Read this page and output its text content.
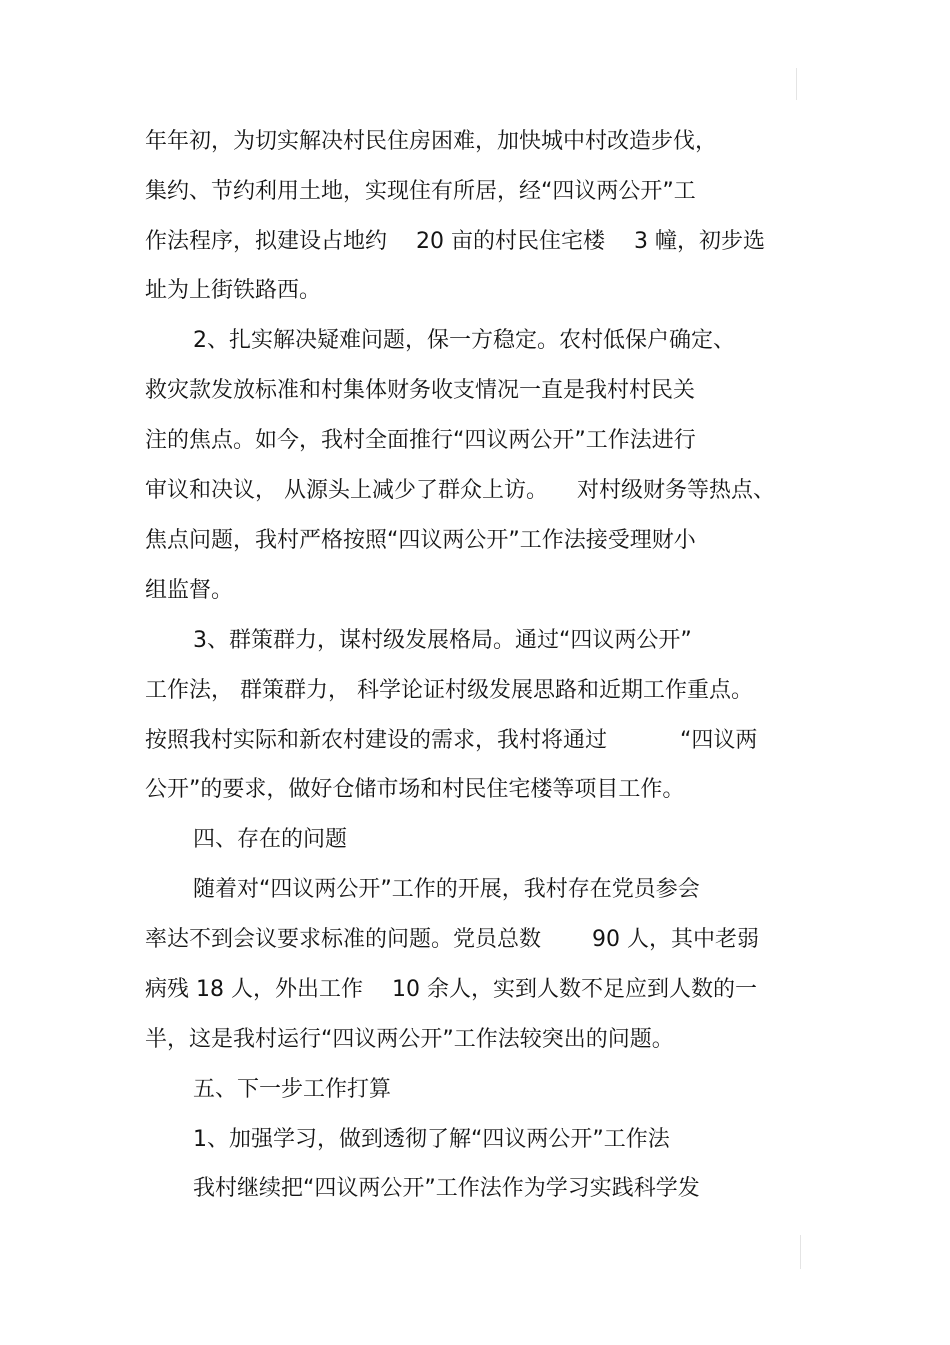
年年初，为切实解决村民住房困难，加快城中村改造步伐，
集约、节约利用土地，实现住有所居，经“四议两公开”工
作法程序，拟建设占地约 　20 亩的村民住宅楼 　3 幢，初步选
址为上街铁路西。
2、扎实解决疑难问题，保一方稳定。农村低保户确定、
救灾款发放标准和村集体财务收支情况一直是我村村民关
注的焦点。如今，我村全面推行“四议两公开”工作法进行
审议和决议， 从源头上减少了群众上访。 　对村级财务等热点、
焦点问题，我村严格按照“四议两公开”工作法接受理财小
组监督。
3、群策群力，谋村级发展格局。通过“四议两公开”
工作法， 群策群力， 科学论证村级发展思路和近期工作重点。
按照我村实际和新农村建设的需求，我村将通过　　　 “四议两
公开”的要求，做好仓储市场和村民住宅楼等项目工作。
四、存在的问题
随着对“四议两公开”工作的开展，我村存在党员参会
率达不到会议要求标准的问题。党员总数 　　90 人，其中老弱
病残 18 人，外出工作 　10 余人，实到人数不足应到人数的一
半，这是我村运行“四议两公开”工作法较突出的问题。
五、下一步工作打算
1、加强学习，做到透彻了解“四议两公开”工作法
我村继续把“四议两公开”工作法作为学习实践科学发
